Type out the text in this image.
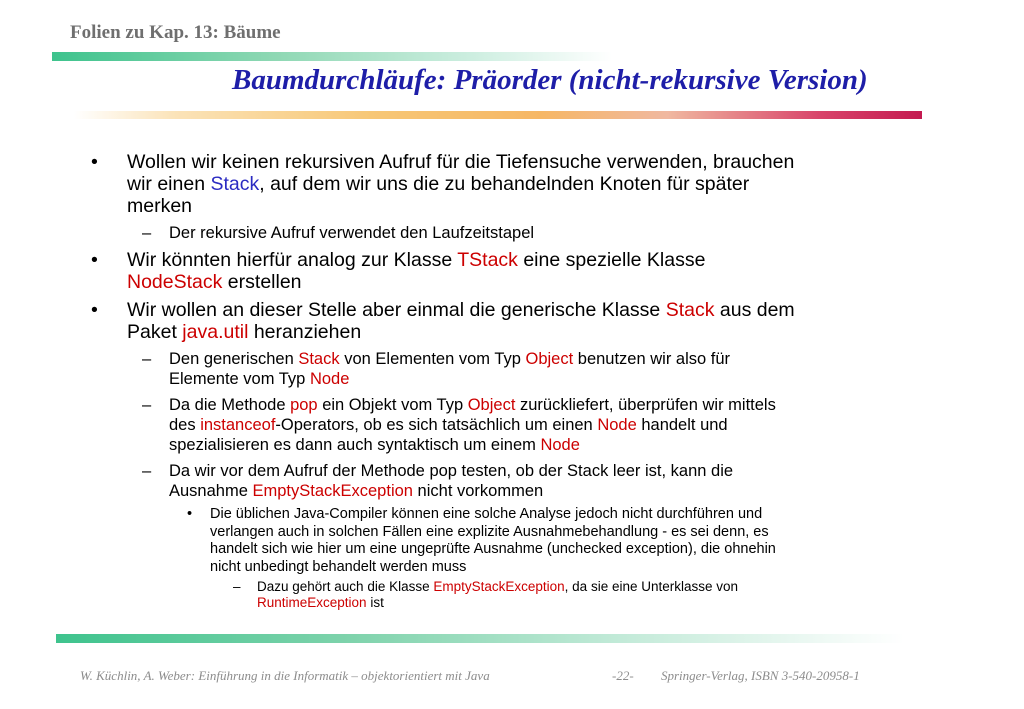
Folien zu Kap. 13: Bäume
Baumdurchläufe: Präorder (nicht-rekursive Version)
• Wollen wir keinen rekursiven Aufruf für die Tiefensuche verwenden, brauchen
wir einen Stack, auf dem wir uns die zu behandelnden Knoten für später
merken
– Der rekursive Aufruf verwendet den Laufzeitstapel
• Wir könnten hierfür analog zur Klasse TStack eine spezielle Klasse
NodeStack erstellen
• Wir wollen an dieser Stelle aber einmal die generische Klasse Stack aus dem
Paket java.util heranziehen
– Den generischen Stack von Elementen vom Typ Object benutzen wir also für
Elemente vom Typ Node
– Da die Methode pop ein Objekt vom Typ Object zurückliefert, überprüfen wir mittels
des instanceof-Operators, ob es sich tatsächlich um einen Node handelt und
spezialisieren es dann auch syntaktisch um einem Node
– Da wir vor dem Aufruf der Methode pop testen, ob der Stack leer ist, kann die
Ausnahme EmptyStackException nicht vorkommen
• Die üblichen Java-Compiler können eine solche Analyse jedoch nicht durchführen und
verlangen auch in solchen Fällen eine explizite Ausnahmebehandlung - es sei denn, es
handelt sich wie hier um eine ungeprüfte Ausnahme (unchecked exception), die ohnehin
nicht unbedingt behandelt werden muss
– Dazu gehört auch die Klasse EmptyStackException, da sie eine Unterklasse von
RuntimeException ist
W. Küchlin, A. Weber: Einführung in die Informatik – objektorientiert mit Java	-22- Springer-Verlag, ISBN 3-540-20958-1
